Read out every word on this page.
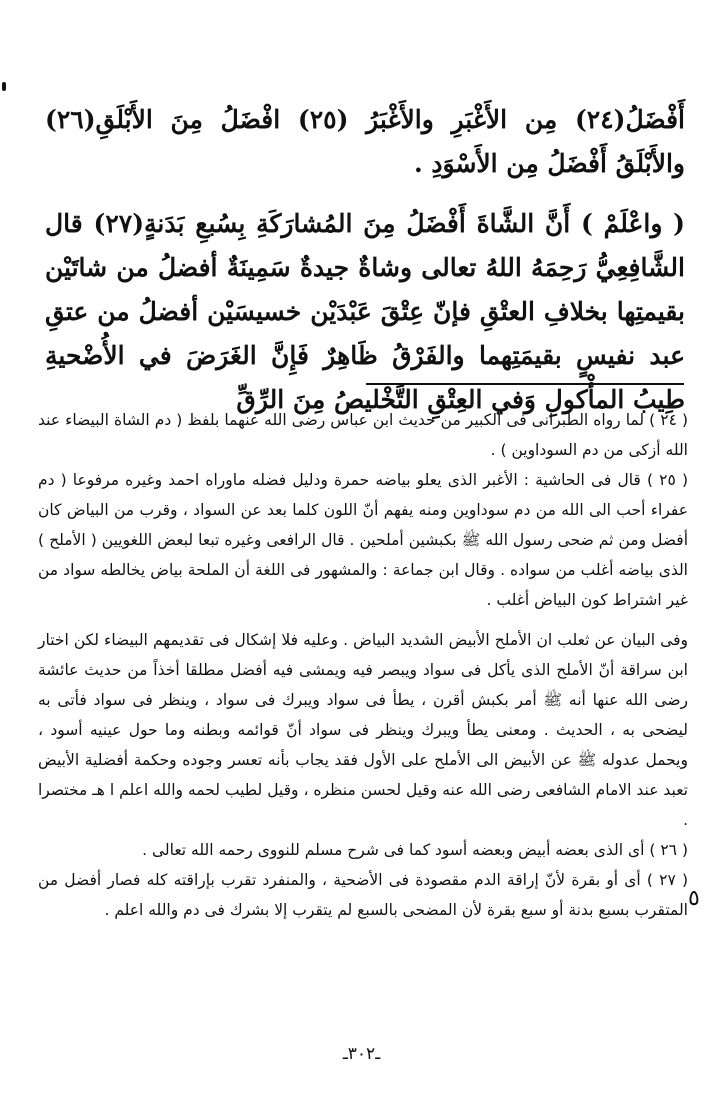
أَفْضَلُ(٢٤) مِن الأَغْبَرِ والأَغْبَرُ (٢٥) افْضَلُ مِنَ الأَبْلَقِ(٢٦) والأَبْلَقُ أَفْضَلُ مِن الأَسْوَدِ .

( واعْلَمْ ) أَنَّ الشَّاةَ أَفْضَلُ مِنَ المُشارَكَةِ بِسُبعِ بَدَنةٍ(٢٧) قال الشَّافِعِيُّ رَحِمَهُ اللهُ تعالى وشاةٌ جيدةٌ سَمِينَةٌ أفضلُ من شاتَيْن بقيمتِها بخلافِ العتْقِ فإنّ عِتْقَ عَبْدَيْن خسيسَيْن أفضلُ من عتقِ عبد نفيسٍ بقيمَتِهما والفَرْقُ ظَاهِرٌ فَإِنَّ الغَرَضَ في الأُضْحيةِ طِيبُ المأْكولِ وَفي العِتْقِ التَّخْليصُ مِنَ الرِّقِّ

( ٢٤ ) لما رواه الطبرانى فى الكبير من حديث ابن عباس رضى الله عنهما بلفظ ( دم الشاة البيضاء عند الله أزكى من دم السوداوين ) .

( ٢٥ ) قال فى الحاشية : الأغبر الذى يعلو بياضه حمرة ودليل فضله ماوراه احمد وغيره مرفوعا ( دم عفراء أحب الى الله من دم سوداوين ومنه يفهم أنّ اللون كلما بعد عن السواد ، وقرب من البياض كان أفضل ومن ثم ضحى رسول الله ﷺ بكبشين أملحين . قال الرافعى وغيره تبعا لبعض اللغويين ( الأملح ) الذى بياضه أغلب من سواده . وقال ابن جماعة : والمشهور فى اللغة أن الملحة بياض يخالطه سواد من غير اشتراط كون البياض أغلب .

وفى البيان عن ثعلب ان الأملح الأبيض الشديد البياض . وعليه فلا إشكال فى تقديمهم البيضاء لكن اختار ابن سراقة أنّ الأملح الذى يأكل فى سواد ويبصر فيه ويمشى فيه أفضل مطلقا أخذاً من حديث عائشة رضى الله عنها أنه ﷺ أمر بكبش أقرن ، يطأ فى سواد ويبرك فى سواد ، وينظر فى سواد فأتى به ليضحى به ، الحديث . ومعنى يطأ ويبرك وينظر فى سواد أنّ قوائمه وبطنه وما حول عينيه أسود ، ويحمل عدوله ﷺ عن الأبيض الى الأملح على الأول فقد يجاب بأنه تعسر وجوده وحكمة أفضلية الأبيض تعبد عند الامام الشافعى رضى الله عنه وقيل لحسن منظره ، وقيل لطيب لحمه والله اعلم ا هـ مختصرا .

( ٢٦ ) أى الذى بعضه أبيض وبعضه أسود كما فى شرح مسلم للنووى رحمه الله تعالى .

( ٢٧ ) أى أو بقرة لأنّ إراقة الدم مقصودة فى الأضحية ، والمنفرد تقرب بإراقته كله فصار أفضل من المتقرب بسبع بدنة أو سبع بقرة لأن المضحى بالسبع لم يتقرب إلا بشرك فى دم والله اعلم . ٥
ـ٣٠٢ـ
